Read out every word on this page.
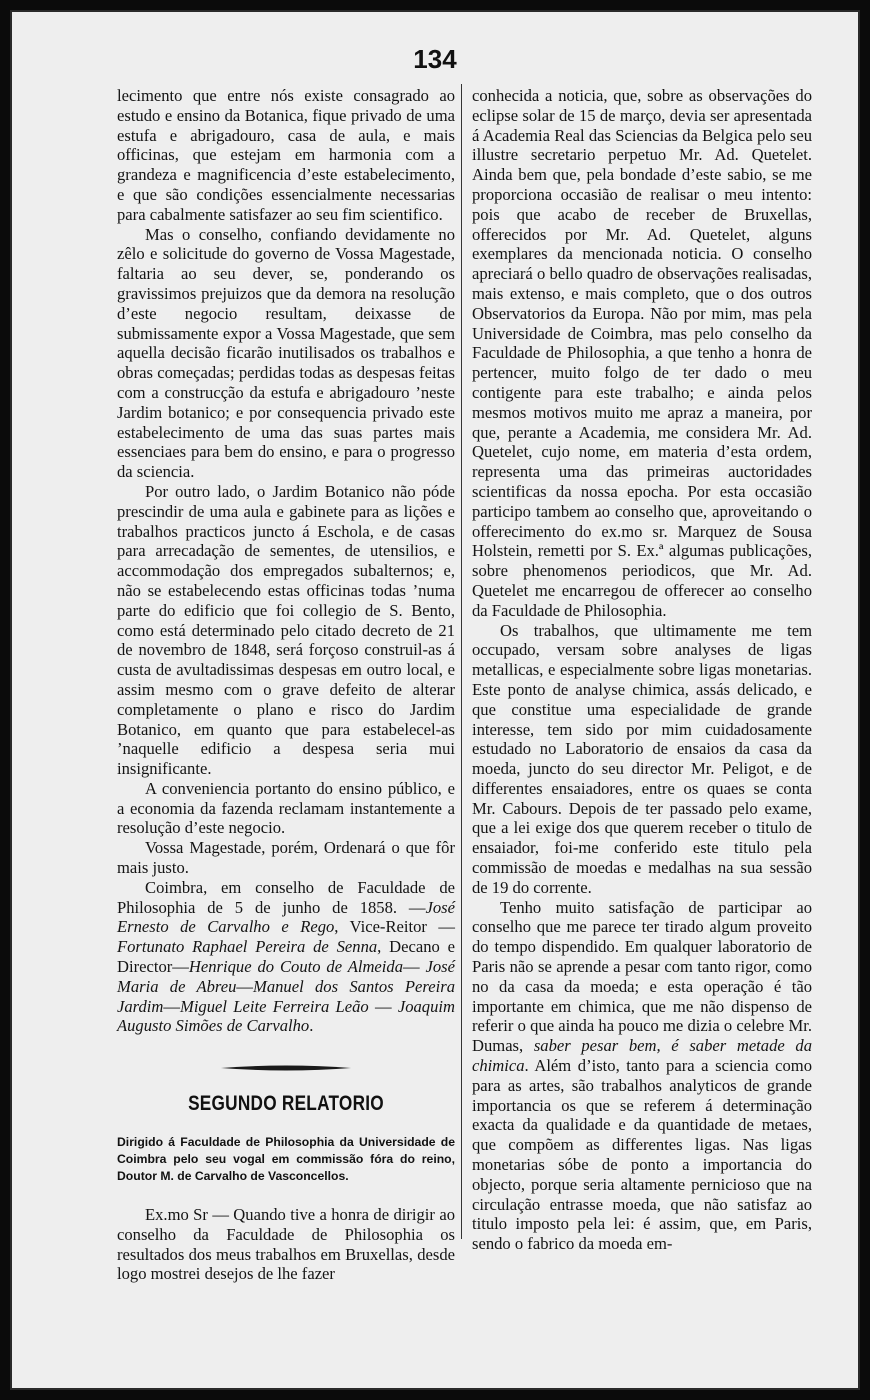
134

lecimento que entre nós existe consagrado ao estudo e ensino da Botanica, fique privado de uma estufa e abrigadouro, casa de aula, e mais officinas, que estejam em harmonia com a grandeza e magnificencia d’este estabelecimento, e que são condições essencialmente necessarias para cabalmente satisfazer ao seu fim scientifico.

Mas o conselho, confiando devidamente no zêlo e solicitude do governo de Vossa Magestade, faltaria ao seu dever, se, ponderando os gravissimos prejuizos que da demora na resolução d’este negocio resultam, deixasse de submissamente expor a Vossa Magestade, que sem aquella decisão ficarão inutilisados os trabalhos e obras começadas; perdidas todas as despesas feitas com a construcção da estufa e abrigadouro ’neste Jardim botanico; e por consequencia privado este estabelecimento de uma das suas partes mais essenciaes para bem do ensino, e para o progresso da sciencia.

Por outro lado, o Jardim Botanico não póde prescindir de uma aula e gabinete para as lições e trabalhos practicos juncto á Eschola, e de casas para arrecadação de sementes, de utensilios, e accommodação dos empregados subalternos; e, não se estabelecendo estas officinas todas ’numa parte do edificio que foi collegio de S. Bento, como está determinado pelo citado decreto de 21 de novembro de 1848, será forçoso construil-as á custa de avultadissimas despesas em outro local, e assim mesmo com o grave defeito de alterar completamente o plano e risco do Jardim Botanico, em quanto que para estabelecel-as ’naquelle edificio a despesa seria mui insignificante.

A conveniencia portanto do ensino público, e a economia da fazenda reclamam instantemente a resolução d’este negocio.

Vossa Magestade, porém, Ordenará o que fôr mais justo.

Coimbra, em conselho de Faculdade de Philosophia de 5 de junho de 1858. —José Ernesto de Carvalho e Rego, Vice-Reitor — Fortunato Raphael Pereira de Senna, Decano e Director—Henrique do Couto de Almeida— José Maria de Abreu—Manuel dos Santos Pereira Jardim—Miguel Leite Ferreira Leão — Joaquim Augusto Simões de Carvalho.

SEGUNDO RELATORIO
Dirigido á Faculdade de Philosophia da Universidade de Coimbra pelo seu vogal em commissão fóra do reino, Doutor M. de Carvalho de Vasconcellos.

Ex.mo Sr — Quando tive a honra de dirigir ao conselho da Faculdade de Philosophia os resultados dos meus trabalhos em Bruxellas, desde logo mostrei desejos de lhe fazer

conhecida a noticia, que, sobre as observações do eclipse solar de 15 de março, devia ser apresentada á Academia Real das Sciencias da Belgica pelo seu illustre secretario perpetuo Mr. Ad. Quetelet. Ainda bem que, pela bondade d’este sabio, se me proporciona occasião de realisar o meu intento: pois que acabo de receber de Bruxellas, offerecidos por Mr. Ad. Quetelet, alguns exemplares da mencionada noticia. O conselho apreciará o bello quadro de observações realisadas, mais extenso, e mais completo, que o dos outros Observatorios da Europa. Não por mim, mas pela Universidade de Coimbra, mas pelo conselho da Faculdade de Philosophia, a que tenho a honra de pertencer, muito folgo de ter dado o meu contigente para este trabalho; e ainda pelos mesmos motivos muito me apraz a maneira, por que, perante a Academia, me considera Mr. Ad. Quetelet, cujo nome, em materia d’esta ordem, representa uma das primeiras auctoridades scientificas da nossa epocha. Por esta occasião participo tambem ao conselho que, aproveitando o offerecimento do ex.mo sr. Marquez de Sousa Holstein, remetti por S. Ex.ª algumas publicações, sobre phenomenos periodicos, que Mr. Ad. Quetelet me encarregou de offerecer ao conselho da Faculdade de Philosophia.

Os trabalhos, que ultimamente me tem occupado, versam sobre analyses de ligas metallicas, e especialmente sobre ligas monetarias. Este ponto de analyse chimica, assás delicado, e que constitue uma especialidade de grande interesse, tem sido por mim cuidadosamente estudado no Laboratorio de ensaios da casa da moeda, juncto do seu director Mr. Peligot, e de differentes ensaiadores, entre os quaes se conta Mr. Cabours. Depois de ter passado pelo exame, que a lei exige dos que querem receber o titulo de ensaiador, foi-me conferido este titulo pela commissão de moedas e medalhas na sua sessão de 19 do corrente.

Tenho muito satisfação de participar ao conselho que me parece ter tirado algum proveito do tempo dispendido. Em qualquer laboratorio de Paris não se aprende a pesar com tanto rigor, como no da casa da moeda; e esta operação é tão importante em chimica, que me não dispenso de referir o que ainda ha pouco me dizia o celebre Mr. Dumas, saber pesar bem, é saber metade da chimica. Além d’isto, tanto para a sciencia como para as artes, são trabalhos analyticos de grande importancia os que se referem á determinação exacta da qualidade e da quantidade de metaes, que compõem as differentes ligas. Nas ligas monetarias sóbe de ponto a importancia do objecto, porque seria altamente pernicioso que na circulação entrasse moeda, que não satisfaz ao titulo imposto pela lei: é assim, que, em Paris, sendo o fabrico da moeda em-
